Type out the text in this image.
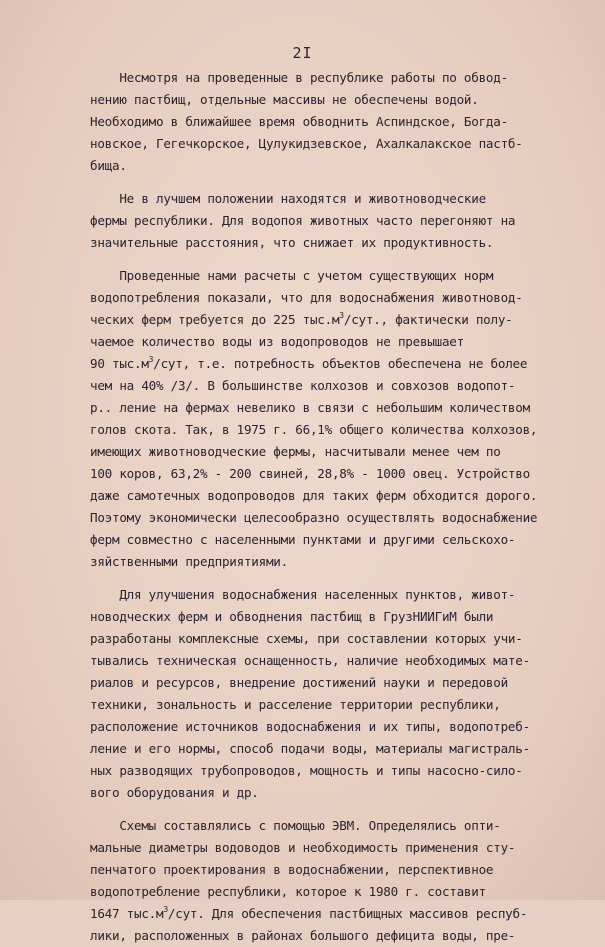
2I
Несмотря на проведенные в республике работы по обвод-
нению пастбищ, отдельные массивы не обеспечены водой.
Необходимо в ближайшее время обводнить Аспиндское, Богда-
новское, Гегечкорское, Цулукидзевское, Ахалкалакское пастб-
бища.
Не в лучшем положении находятся и животноводческие
фермы республики. Для водопоя животных часто перегоняют на
значительные расстояния, что снижает их продуктивность.
Проведенные нами расчеты с учетом существующих норм
водопотребления показали, что для водоснабжения животновод-
ческих ферм требуется до 225 $тыс.м^3$/сут., фактически полу-
чаемое количество воды из водопроводов не превышает
90 $тыс.м^3$/сут, т.е. потребность объектов обеспечена не более
чем на 40% /3/. В большинстве колхозов и совхозов водопот-
р.. ление на фермах невелико в связи с небольшим количеством
голов скота. Так, в 1975 г. 66,1% общего количества колхозов,
имеющих животноводческие фермы, насчитывали менее чем по
100 коров, 63,2% - 200 свиней, 28,8% - 1000 овец. Устройство
даже самотечных водопроводов для таких ферм обходится дорого.
Поэтому экономически целесообразно осуществлять водоснабжение
ферм совместно с населенными пунктами и другими сельскохо-
зяйственными предприятиями.
Для улучшения водоснабжения населенных пунктов, живот-
новодческих ферм и обводнения пастбищ в ГрузНИИГиМ были
разработаны комплексные схемы, при составлении которых учи-
тывались техническая оснащенность, наличие необходимых мате-
риалов и ресурсов, внедрение достижений науки и передовой
техники, зональность и расселение территории республики,
расположение источников водоснабжения и их типы, водопотреб-
ление и его нормы, способ подачи воды, материалы магистраль-
ных разводящих трубопроводов, мощность и типы насосно-сило-
вого оборудования и др.
Схемы составлялись с помощью ЭВМ. Определялись опти-
мальные диаметры водоводов и необходимость применения сту-
пенчатого проектирования в водоснабжении, перспективное
водопотребление республики, которое к 1980 г. составит
1647 $тыс.м^3$/сут. Для обеспечения пастбищных массивов респуб-
лики, расположенных в районах большого дефицита воды, пре-
